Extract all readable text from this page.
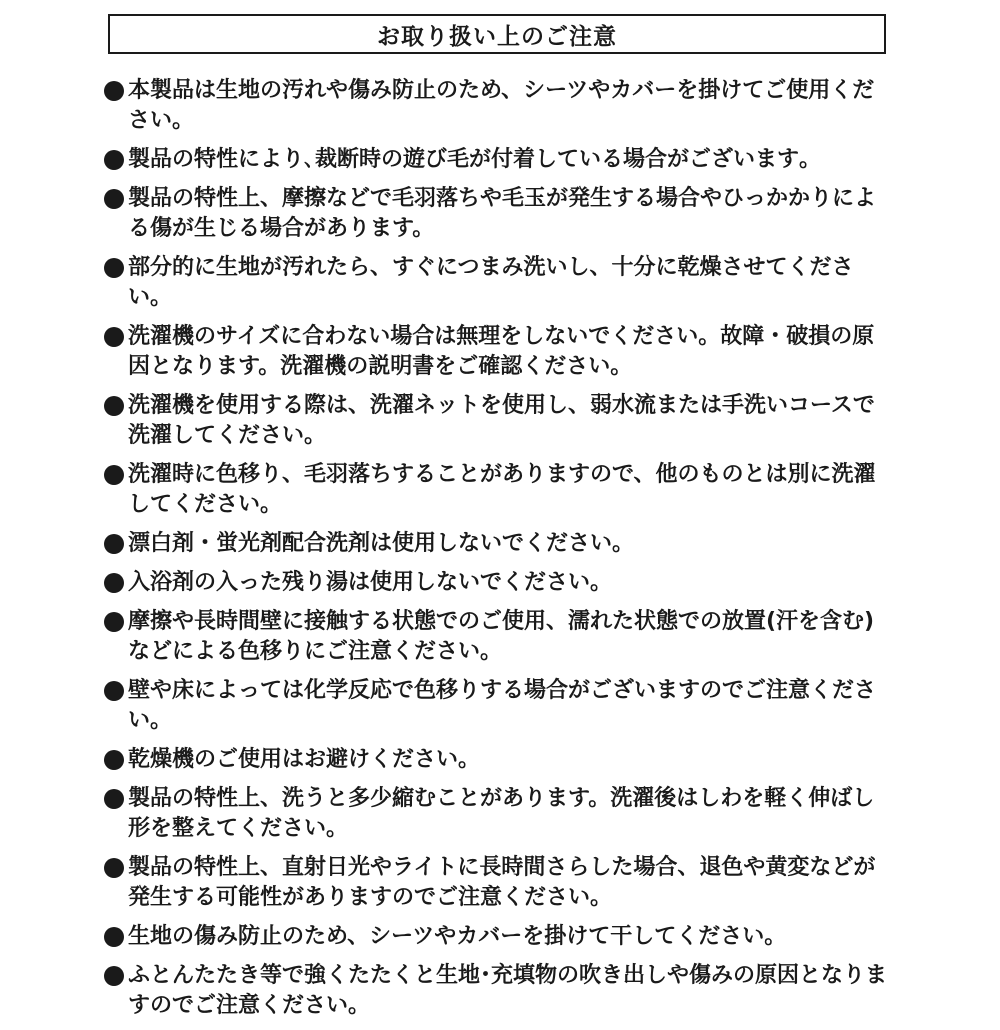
お取り扱い上のご注意
本製品は生地の汚れや傷み防止のため、シーツやカバーを掛けてご使用ください。
製品の特性により､裁断時の遊び毛が付着している場合がございます｡
製品の特性上、摩擦などで毛羽落ちや毛玉が発生する場合やひっかかりによる傷が生じる場合があります。
部分的に生地が汚れたら、すぐにつまみ洗いし、十分に乾燥させてください。
洗濯機のサイズに合わない場合は無理をしないでください。故障・破損の原因となります。洗濯機の説明書をご確認ください。
洗濯機を使用する際は、洗濯ネットを使用し、弱水流または手洗いコースで洗濯してください。
洗濯時に色移り、毛羽落ちすることがありますので、他のものとは別に洗濯してください。
漂白剤・蛍光剤配合洗剤は使用しないでください。
入浴剤の入った残り湯は使用しないでください。
摩擦や長時間壁に接触する状態でのご使用、濡れた状態での放置(汗を含む)などによる色移りにご注意ください。
壁や床によっては化学反応で色移りする場合がございますのでご注意ください。
乾燥機のご使用はお避けください。
製品の特性上、洗うと多少縮むことがあります。洗濯後はしわを軽く伸ばし形を整えてください。
製品の特性上、直射日光やライトに長時間さらした場合、退色や黄変などが発生する可能性がありますのでご注意ください。
生地の傷み防止のため、シーツやカバーを掛けて干してください。
ふとんたたき等で強くたたくと生地･充填物の吹き出しや傷みの原因となりますのでご注意ください。
